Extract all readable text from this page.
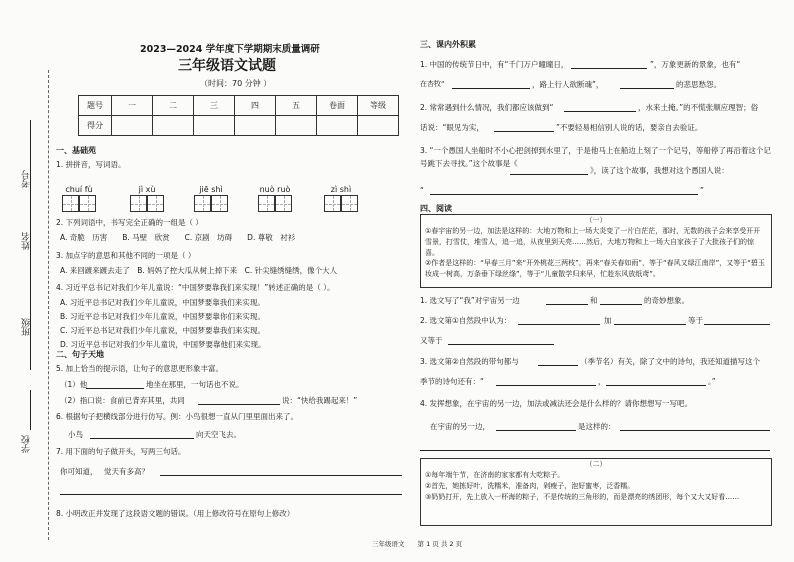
学校
班级
姓名
考号
2023—2024 学年度下学期期末质量调研
三年级语文试题
（时间：70 分钟 ）
题号	一	二	三	四	五	卷面	等级
得分							
一、基础苑
1. 拼拼音，写词语。
chuí fù	jì xù	jiē shì	nuò ruò	zì shì
2. 下列词语中，书写完全正确的一组是（ ）
A. 奇脆　历害　　B. 马壁　欣赏　　C. 京剧　坊碍　　D. 尊敬　衬衫
3. 加点字的意思和其他不同的一项是（ ）
A. 来回踱来踱去走了　B. 妈妈了控大瓜从树上掉下来　C. 针尖缝绣缝绣，像个大人
4. 习近平总书记对我们少年儿童说：“中国梦要靠我们来实现！”转述正确的是（ ）。
A. 习近平总书记对我们少年儿童说，中国梦要靠我们来实现。
B. 习近平总书记对我们少年儿童说，中国梦要靠你们来实现。
C. 习近平总书记对我们少年儿童说，中国梦要靠我们来实现。
D. 习近平总书记对我们少年儿童说，中国梦要靠他们来实现。
二、句子天地
5. 加上恰当的提示语，让句子的意思更形象丰富。
（1）他	地坐在那里，一句话也不说。
（2）指口说：食前已背弃其里，共同	说：“快给我踢起来！”
6. 根据句子把横线部分进行仿写。例：小鸟很想一直从门里里面出来了。
小鸟	向天空飞去。
7. 用下面的句子做开头，写两三句话。
你可知道， 觉天有多高？
8. 小明改正并发现了这段语文题的错误。（用上修改符号在原句上修改）
三、课内外积累
1. 中国的传统节日中，有“千门万户曈曈日，	”，万象更新的景象，也有“
在杏牧“	，路上行人欲断魂”，	的悲思愁怨。
2. 常常遇到什么情况，我们都应该做到“	，水来土掩。”的不慌张顺应理智；俗
话说：“眼见为实，	”不要轻易相信别人说的话，要亲自去验证。
3. “一个愚国人坐船时不小心把剑掉到水里了，于是他马上在船边上刻了一个记号，等船停了再沿着这个记号跳下去寻找。”这个故事是《
》，读了这个故事，我想对这个愚国人说：
“	”
四、阅读
（一）
①春宇宙的另一边，加法是这样的：大地万物和上一场大炎变了一片白茫茫，那时，无数的孩子会来享受开开雪景，打雪仗，堆雪人，追一追，从夜里到天亮……然后，大地万物和上一场大自家孩子了大批孩子们的惊喜。
②作者是这样的：“早春三月”来“开外桃花三两枝”，再来“春关春如雨”，等于“春风又绿江南岸”，又等于“碧玉妆成一树高，万条垂下绿丝绦”，等于“儿童散学归来早，忙趁东风放纸鸢”。
1. 选文写了“我”对宇宙另一边	和	的奇妙想象。
2. 选文第①自然段中认为：	加	等于
又等于
3. 选文第②自然段的带句都与	（季节名）有关，除了文中的诗句，我还知道描写这个
季节的诗句还有：“	，	。”
4. 发挥想象，在宇宙的另一边，加法或减法还会是什么样的？请你想想写一写吧。
在宇宙的另一边，	是这样的：
（二）
①每年端午节，在济南的家家都有大吃粽子。
②首先，她拣好叶，洗糯米，准备肉，剁瘦子，泡好蜜枣，泛香糯。
③奶奶打开，先上放入一杯海的粽子，不是传统的三角形的，而是漂亮的绣团形，每个又大又好看……
三年级语文　　第 1 页 共 2 页
